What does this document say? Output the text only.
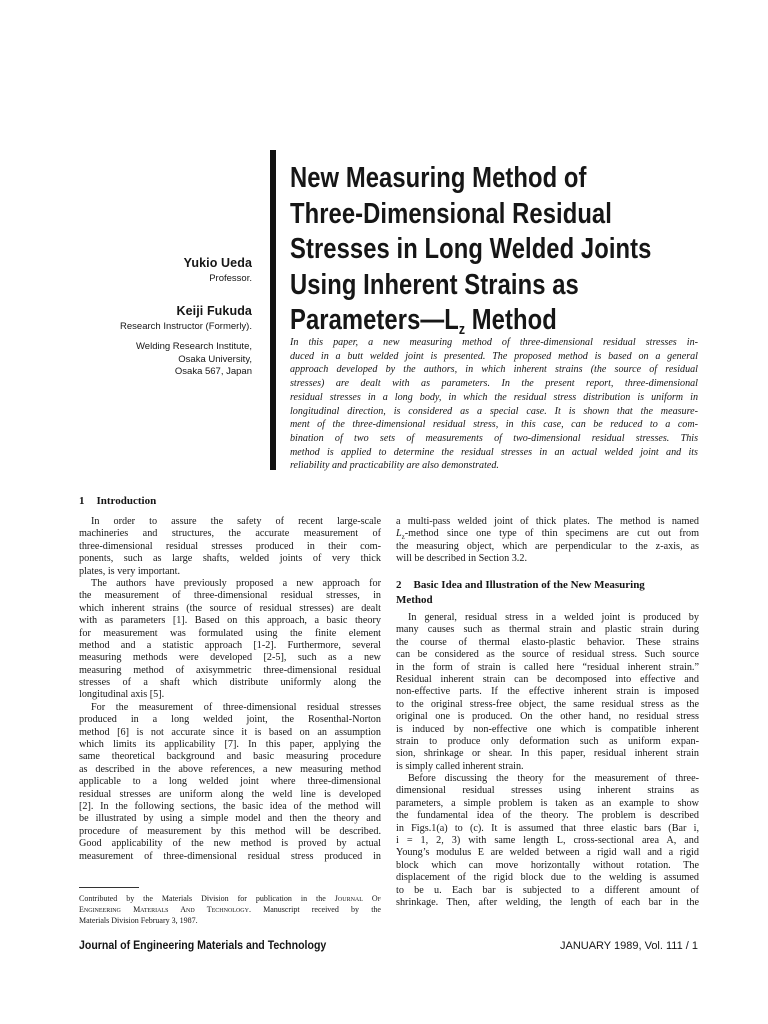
Yukio Ueda
Professor.
Keiji Fukuda
Research Instructor (Formerly).
Welding Research Institute,
Osaka University,
Osaka 567, Japan
New Measuring Method of
Three-Dimensional Residual
Stresses in Long Welded Joints
Using Inherent Strains as
$Parameters—L_z$ Method
In this paper, a new measuring method of three-dimensional residual stresses in-
duced in a butt welded joint is presented. The proposed method is based on a general
approach developed by the authors, in which inherent strains (the source of residual
stresses) are dealt with as parameters. In the present report, three-dimensional
residual stresses in a long body, in which the residual stress distribution is uniform in
longitudinal direction, is considered as a special case. It is shown that the measure-
ment of the three-dimensional residual stress, in this case, can be reduced to a com-
bination of two sets of measurements of two-dimensional residual stresses. This
method is applied to determine the residual stresses in an actual welded joint and its
reliability and practicability are also demonstrated.
1 Introduction
In order to assure the safety of recent large-scale
machineries and structures, the accurate measurement of
three-dimensional residual stresses produced in their com-
ponents, such as large shafts, welded joints of very thick
plates, is very important.
The authors have previously proposed a new approach for
the measurement of three-dimensional residual stresses, in
which inherent strains (the source of residual stresses) are dealt
with as parameters [1]. Based on this approach, a basic theory
for measurement was formulated using the finite element
method and a statistic approach [1-2]. Furthermore, several
measuring methods were developed [2-5], such as a new
measuring method of axisymmetric three-dimensional residual
stresses of a shaft which distribute uniformly along the
longitudinal axis [5].
For the measurement of three-dimensional residual stresses
produced in a long welded joint, the Rosenthal-Norton
method [6] is not accurate since it is based on an assumption
which limits its applicability [7]. In this paper, applying the
same theoretical background and basic measuring procedure
as described in the above references, a new measuring method
applicable to a long welded joint where three-dimensional
residual stresses are uniform along the weld line is developed
[2]. In the following sections, the basic idea of the method will
be illustrated by using a simple model and then the theory and
procedure of measurement by this method will be described.
Good applicability of the new method is proved by actual
measurement of three-dimensional residual stress produced in
a multi-pass welded joint of thick plates. The method is named
$L_z$-method since one type of thin specimens are cut out from
the measuring object, which are perpendicular to the z-axis, as
will be described in Section 3.2.
2 Basic Idea and Illustration of the New Measuring
Method
In general, residual stress in a welded joint is produced by
many causes such as thermal strain and plastic strain during
the course of thermal elasto-plastic behavior. These strains
can be considered as the source of residual stress. Such source
in the form of strain is called here “residual inherent strain.”
Residual inherent strain can be decomposed into effective and
non-effective parts. If the effective inherent strain is imposed
to the original stress-free object, the same residual stress as the
original one is produced. On the other hand, no residual stress
is induced by non-effective one which is compatible inherent
strain to produce only deformation such as uniform expan-
sion, shrinkage or shear. In this paper, residual inherent strain
is simply called inherent strain.
Before discussing the theory for the measurement of three-
dimensional residual stresses using inherent strains as
parameters, a simple problem is taken as an example to show
the fundamental idea of the theory. The problem is described
in Figs.1(a) to (c). It is assumed that three elastic bars (Bar i,
i = 1, 2, 3) with same length L, cross-sectional area A, and
Young’s modulus E are welded between a rigid wall and a rigid
block which can move horizontally without rotation. The
displacement of the rigid block due to the welding is assumed
to be u. Each bar is subjected to a different amount of
shrinkage. Then, after welding, the length of each bar in the
Contributed by the Materials Division for publication in the Journal Of
Engineering Materials And Technology. Manuscript received by the
Materials Division February 3, 1987.
Journal of Engineering Materials and Technology	JANUARY 1989, Vol. 111 / 1
